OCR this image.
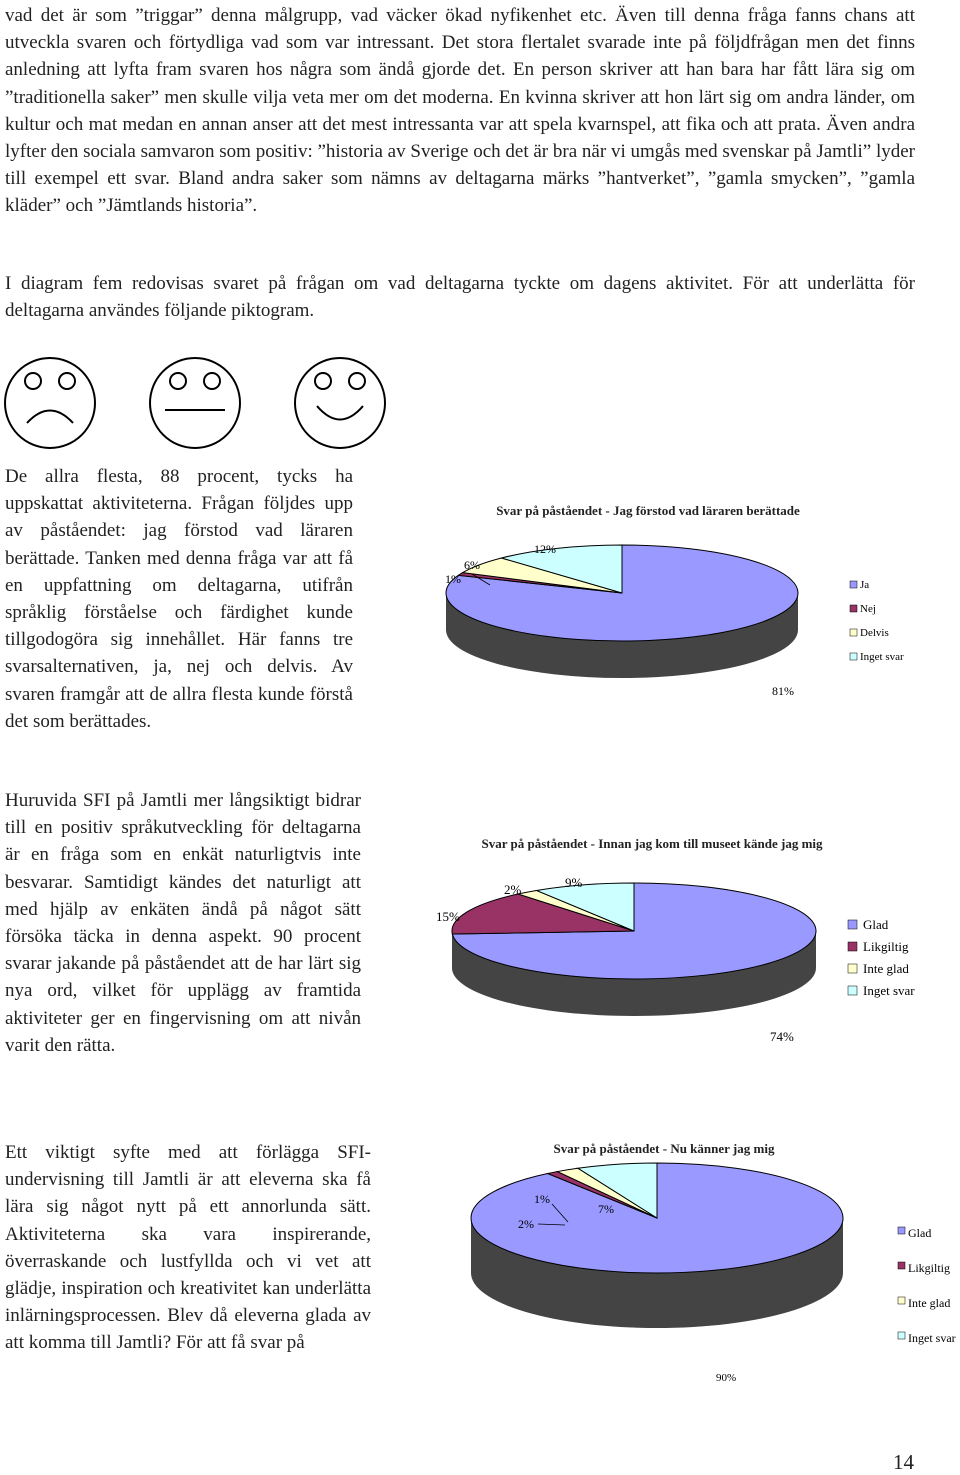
vad det är som ”triggar” denna målgrupp, vad väcker ökad nyfikenhet etc. Även till denna fråga fanns chans att utveckla svaren och förtydliga vad som var intressant. Det stora flertalet svarade inte på följdfrågan men det finns anledning att lyfta fram svaren hos några som ändå gjorde det. En person skriver att han bara har fått lära sig om ”traditionella saker” men skulle vilja veta mer om det moderna. En kvinna skriver att hon lärt sig om andra länder, om kultur och mat medan en annan anser att det mest intressanta var att spela kvarnspel, att fika och att prata. Även andra lyfter den sociala samvaron som positiv: ”historia av Sverige och det är bra när vi umgås med svenskar på Jamtli” lyder till exempel ett svar. Bland andra saker som nämns av deltagarna märks ”hantverket”, ”gamla smycken”, ”gamla kläder” och ”Jämtlands historia”.

I diagram fem redovisas svaret på frågan om vad deltagarna tyckte om dagens aktivitet. För att underlätta för deltagarna användes följande piktogram.

De allra flesta, 88 procent, tycks ha uppskattat aktiviteterna. Frågan följdes upp av påståendet: jag förstod vad läraren berättade. Tanken med denna fråga var att få en uppfattning om deltagarna, utifrån språklig förståelse och färdighet kunde tillgodogöra sig innehållet. Här fanns tre svarsalternativen, ja, nej och delvis. Av svaren framgår att de allra flesta kunde förstå det som berättades.
Huruvida SFI på Jamtli mer långsiktigt bidrar till en positiv språkutveckling för deltagarna är en fråga som en enkät naturligtvis inte besvarar. Samtidigt kändes det naturligt att med hjälp av enkäten ändå på något sätt försöka täcka in denna aspekt. 90 procent svarar jakande på påståendet att de har lärt sig nya ord, vilket för upplägg av framtida aktiviteter ger en fingervisning om att nivån varit den rätta.
Ett viktigt syfte med att förlägga SFI-undervisning till Jamtli är att eleverna ska få lära sig något nytt på ett annorlunda sätt. Aktiviteterna ska vara inspirerande, överraskande och lustfyllda och vi vet att glädje, inspiration och kreativitet kan underlätta inlärningsprocessen. Blev då eleverna glada av att komma till Jamtli? För att få svar på
Svar på påståendet - Jag förstod vad läraren berättade
81%
1%
6%
12%
Ja
Nej
Delvis
Inget svar
Svar på påståendet - Innan jag kom till museet kände jag mig
74%
15%
2%	9%
Glad
Likgiltig
Inte glad
Inget svar
Svar på påståendet - Nu känner jag mig
90%
1%
2%
7%
Glad
Likgiltig
Inte glad
Inget svar
14
